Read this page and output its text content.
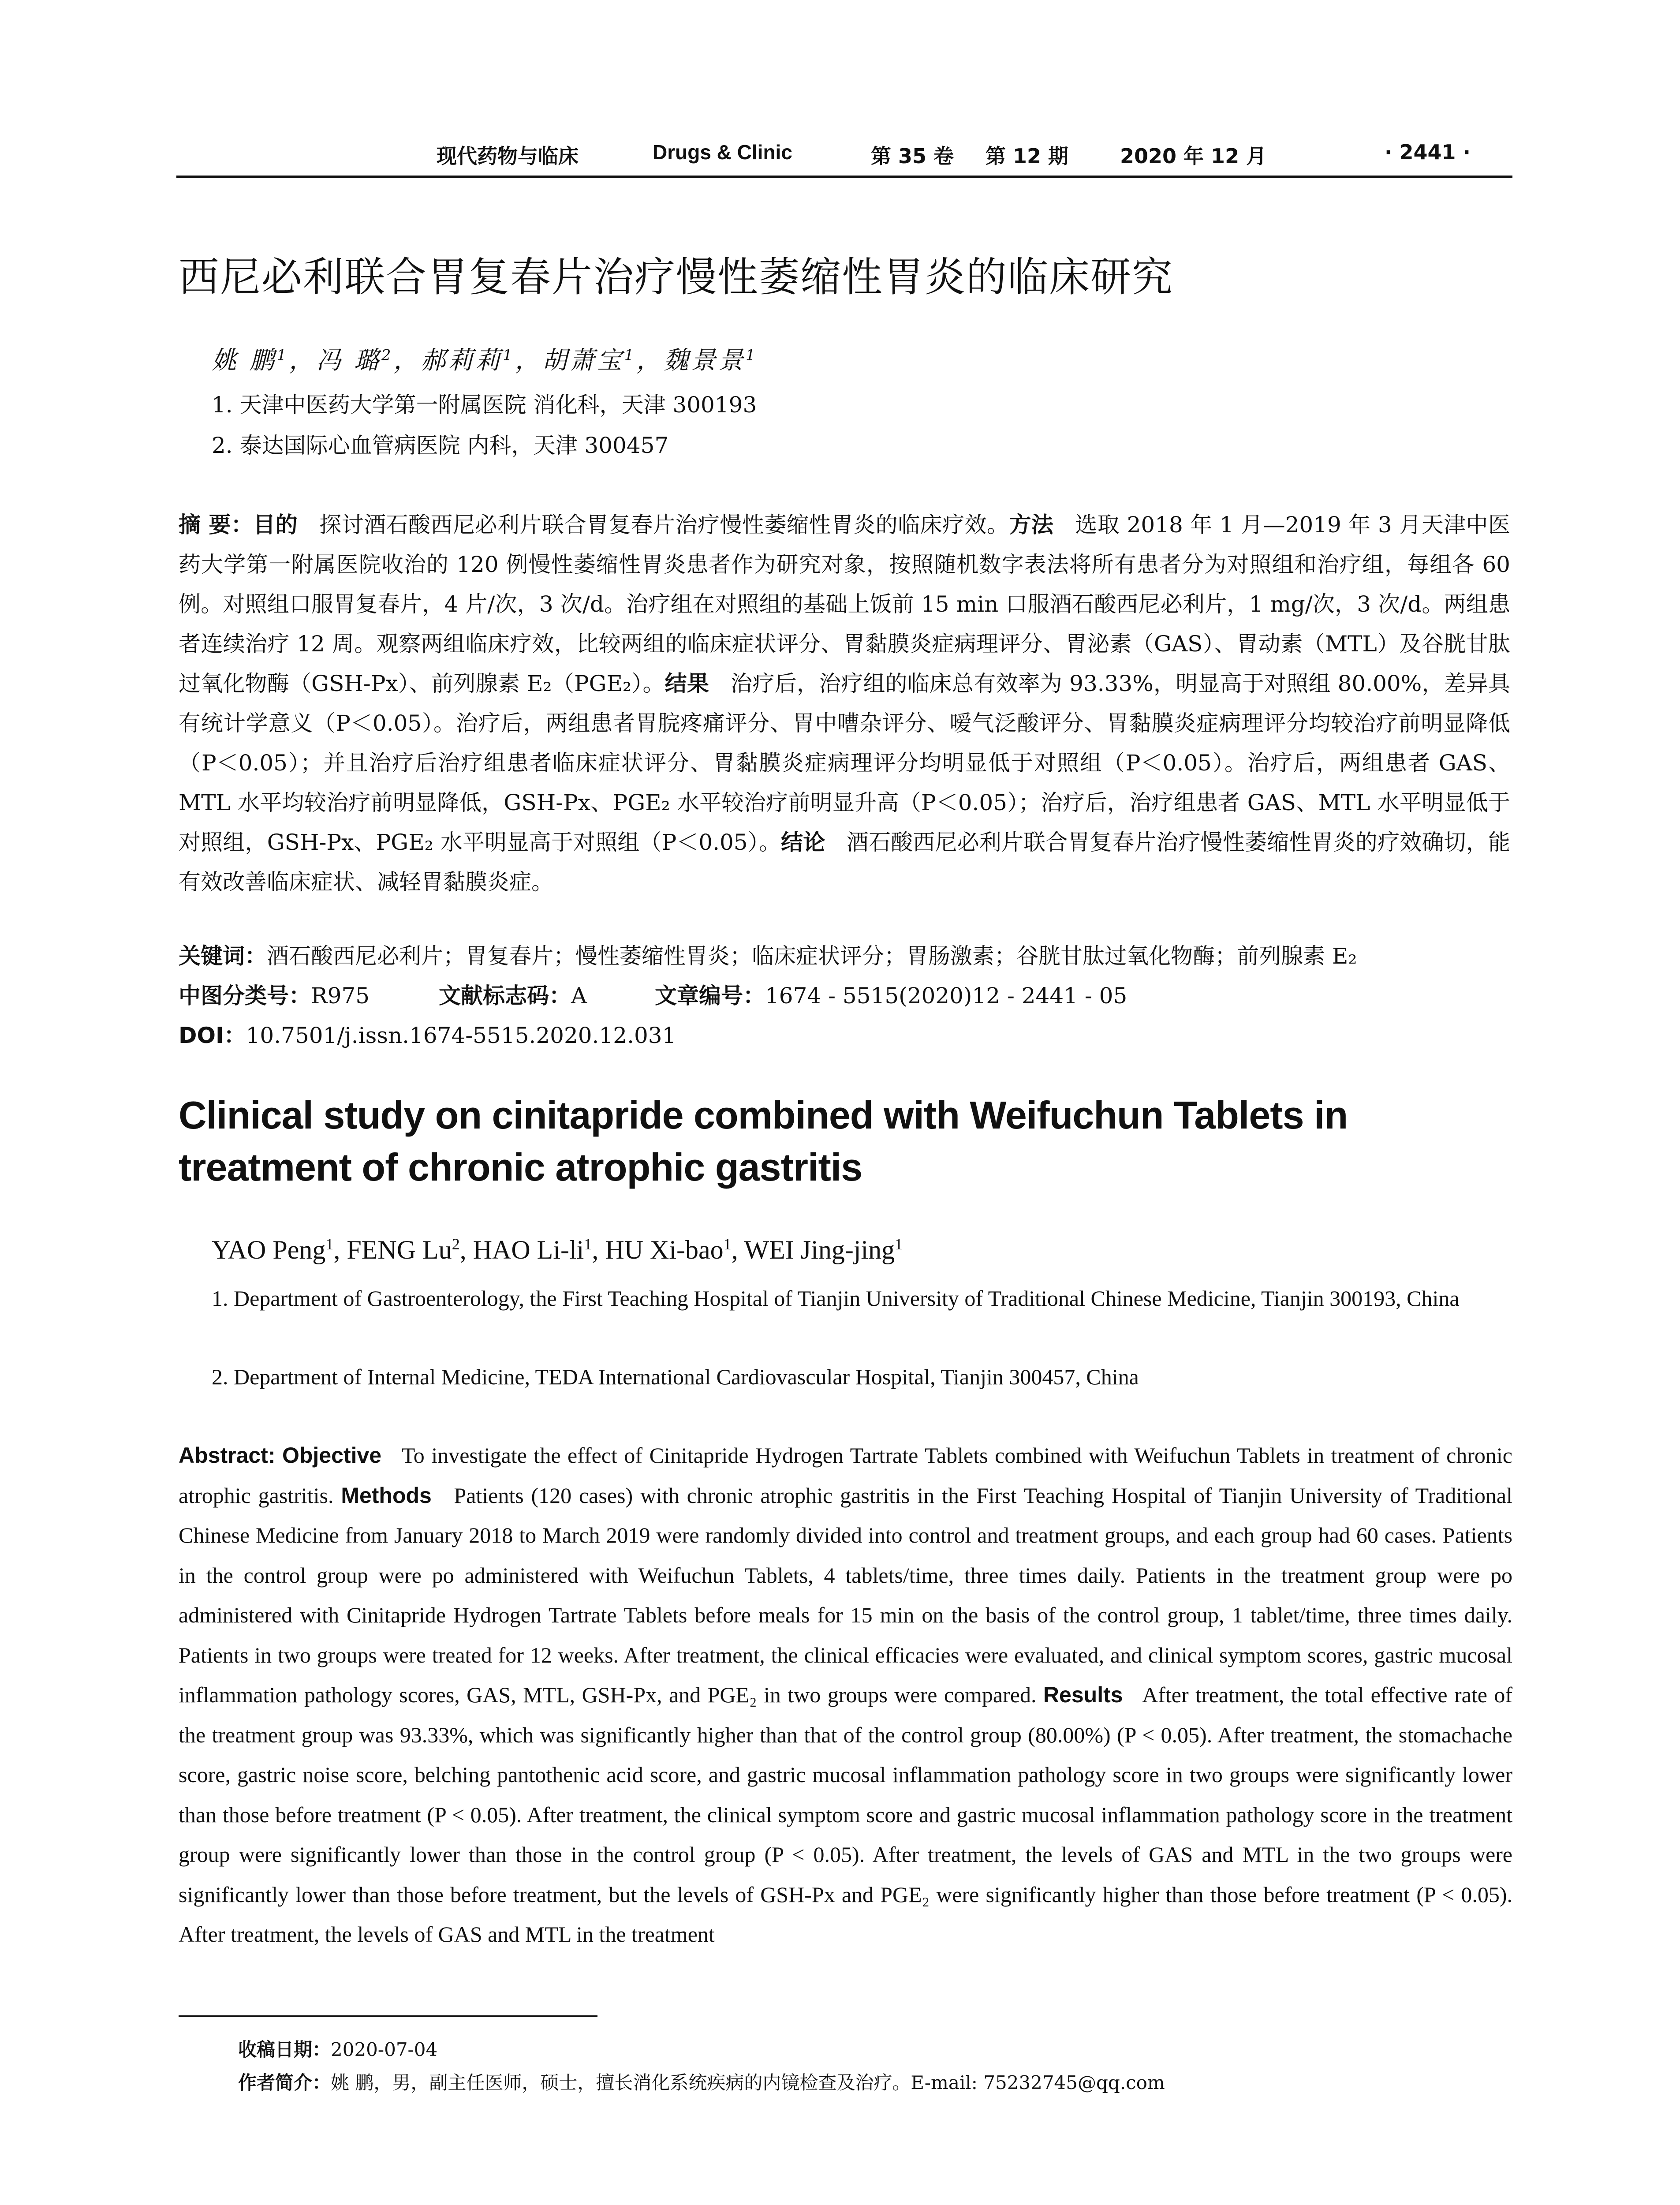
现代药物与临床	Drugs & Clinic	第 35 卷 第 12 期	2020 年 12 月	· 2441 ·
西尼必利联合胃复春片治疗慢性萎缩性胃炎的临床研究
姚 鹏$^1$，冯 璐$^2$，郝莉莉$^1$，胡萧宝$^1$，魏景景$^1$
1. 天津中医药大学第一附属医院 消化科，天津 300193
2. 泰达国际心血管病医院 内科，天津 300457
摘 要：目的 探讨酒石酸西尼必利片联合胃复春片治疗慢性萎缩性胃炎的临床疗效。方法 选取 2018 年 1 月—2019 年 3 月天津中医药大学第一附属医院收治的 120 例慢性萎缩性胃炎患者作为研究对象，按照随机数字表法将所有患者分为对照组和治疗组，每组各 60 例。对照组口服胃复春片，4 片/次，3 次/d。治疗组在对照组的基础上饭前 15 min 口服酒石酸西尼必利片，1 mg/次，3 次/d。两组患者连续治疗 12 周。观察两组临床疗效，比较两组的临床症状评分、胃黏膜炎症病理评分、胃泌素（GAS）、胃动素（MTL）及谷胱甘肽过氧化物酶（GSH-Px）、前列腺素 E₂（PGE₂）。结果 治疗后，治疗组的临床总有效率为 93.33%，明显高于对照组 80.00%，差异具有统计学意义（P＜0.05）。治疗后，两组患者胃脘疼痛评分、胃中嘈杂评分、嗳气泛酸评分、胃黏膜炎症病理评分均较治疗前明显降低（P＜0.05）；并且治疗后治疗组患者临床症状评分、胃黏膜炎症病理评分均明显低于对照组（P＜0.05）。治疗后，两组患者 GAS、MTL 水平均较治疗前明显降低，GSH-Px、PGE₂ 水平较治疗前明显升高（P＜0.05）；治疗后，治疗组患者 GAS、MTL 水平明显低于对照组，GSH-Px、PGE₂ 水平明显高于对照组（P＜0.05）。结论 酒石酸西尼必利片联合胃复春片治疗慢性萎缩性胃炎的疗效确切，能有效改善临床症状、减轻胃黏膜炎症。
关键词：酒石酸西尼必利片；胃复春片；慢性萎缩性胃炎；临床症状评分；胃肠激素；谷胱甘肽过氧化物酶；前列腺素 E₂
中图分类号：R975	文献标志码：A	文章编号：1674 - 5515(2020)12 - 2441 - 05
DOI：10.7501/j.issn.1674-5515.2020.12.031
Clinical study on cinitapride combined with Weifuchun Tablets in treatment of chronic atrophic gastritis
YAO Peng$^1$, FENG Lu$^2$, HAO $Li-li^1$, HU Xi-bao$^1$, WEI Jing-jing$^1$
1. Department of Gastroenterology, the First Teaching Hospital of Tianjin University of Traditional Chinese Medicine, Tianjin 300193, China
2. Department of Internal Medicine, TEDA International Cardiovascular Hospital, Tianjin 300457, China
Abstract: Objective To investigate the effect of Cinitapride Hydrogen Tartrate Tablets combined with Weifuchun Tablets in treatment of chronic atrophic gastritis. Methods Patients (120 cases) with chronic atrophic gastritis in the First Teaching Hospital of Tianjin University of Traditional Chinese Medicine from January 2018 to March 2019 were randomly divided into control and treatment groups, and each group had 60 cases. Patients in the control group were po administered with Weifuchun Tablets, 4 tablets/time, three times daily. Patients in the treatment group were po administered with Cinitapride Hydrogen Tartrate Tablets before meals for 15 min on the basis of the control group, 1 tablet/time, three times daily. Patients in two groups were treated for 12 weeks. After treatment, the clinical efficacies were evaluated, and clinical symptom scores, gastric mucosal inflammation pathology scores, GAS, MTL, GSH-Px, and PGE₂ in two groups were compared. Results After treatment, the total effective rate of the treatment group was 93.33%, which was significantly higher than that of the control group (80.00%) (P < 0.05). After treatment, the stomachache score, gastric noise score, belching pantothenic acid score, and gastric mucosal inflammation pathology score in two groups were significantly lower than those before treatment (P < 0.05). After treatment, the clinical symptom score and gastric mucosal inflammation pathology score in the treatment group were significantly lower than those in the control group (P < 0.05). After treatment, the levels of GAS and MTL in the two groups were significantly lower than those before treatment, but the levels of GSH-Px and PGE₂ were significantly higher than those before treatment (P < 0.05). After treatment, the levels of GAS and MTL in the treatment
收稿日期：2020-07-04
作者简介：姚 鹏，男，副主任医师，硕士，擅长消化系统疾病的内镜检查及治疗。E-mail: 75232745@qq.com
